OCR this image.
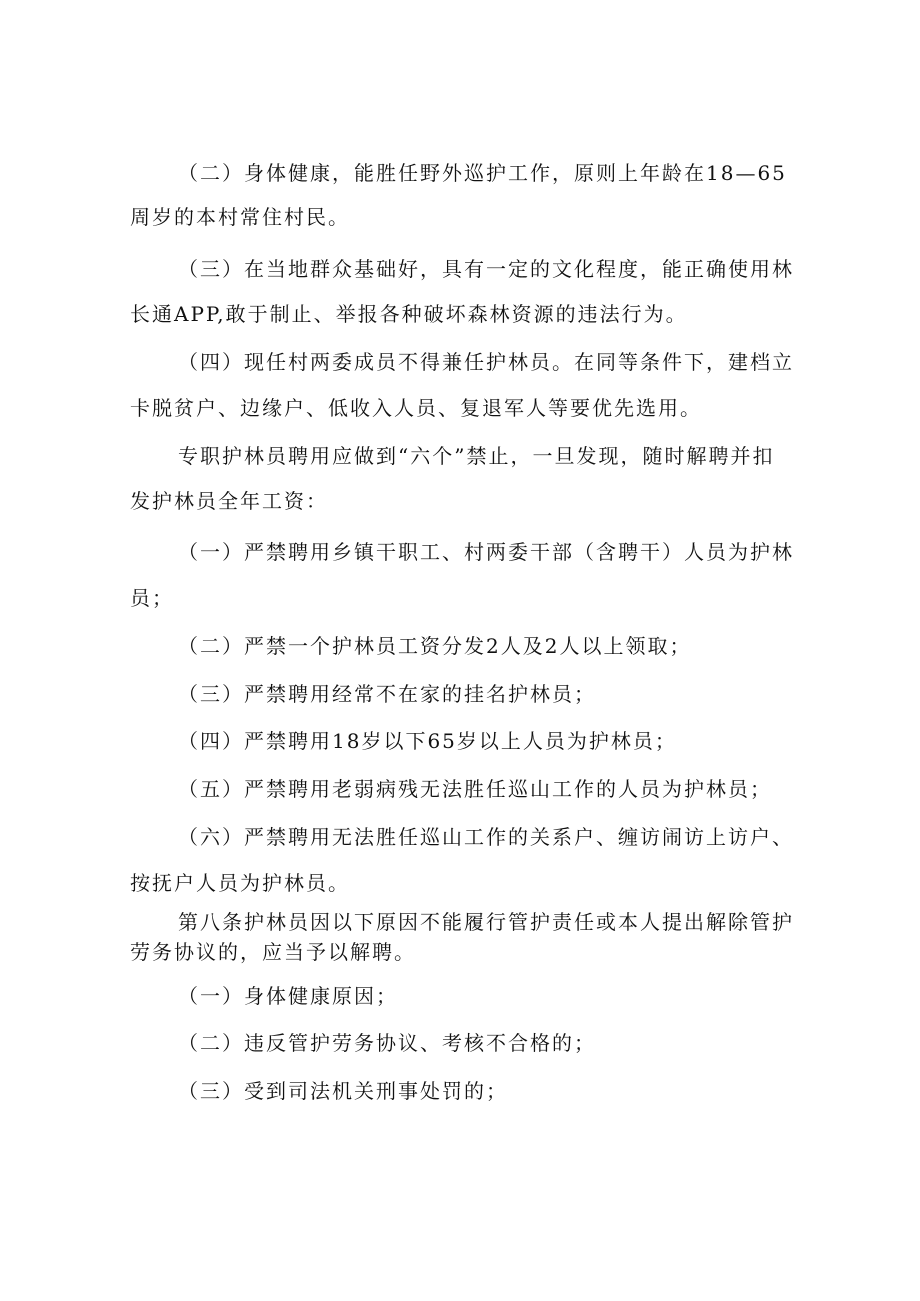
（二）身体健康，能胜任野外巡护工作，原则上年龄在18—65

周岁的本村常住村民。

（三）在当地群众基础好，具有一定的文化程度，能正确使用林

长通APP,敢于制止、举报各种破坏森林资源的违法行为。

（四）现任村两委成员不得兼任护林员。在同等条件下，建档立

卡脱贫户、边缘户、低收入人员、复退军人等要优先选用。

专职护林员聘用应做到“六个”禁止，一旦发现，随时解聘并扣

发护林员全年工资：

（一）严禁聘用乡镇干职工、村两委干部（含聘干）人员为护林

员；

（二）严禁一个护林员工资分发2人及2人以上领取；

（三）严禁聘用经常不在家的挂名护林员；

（四）严禁聘用18岁以下65岁以上人员为护林员；

（五）严禁聘用老弱病残无法胜任巡山工作的人员为护林员；

（六）严禁聘用无法胜任巡山工作的关系户、缠访闹访上访户、

按抚户人员为护林员。

第八条护林员因以下原因不能履行管护责任或本人提出解除管护

劳务协议的，应当予以解聘。

（一）身体健康原因；

（二）违反管护劳务协议、考核不合格的；

（三）受到司法机关刑事处罚的；
